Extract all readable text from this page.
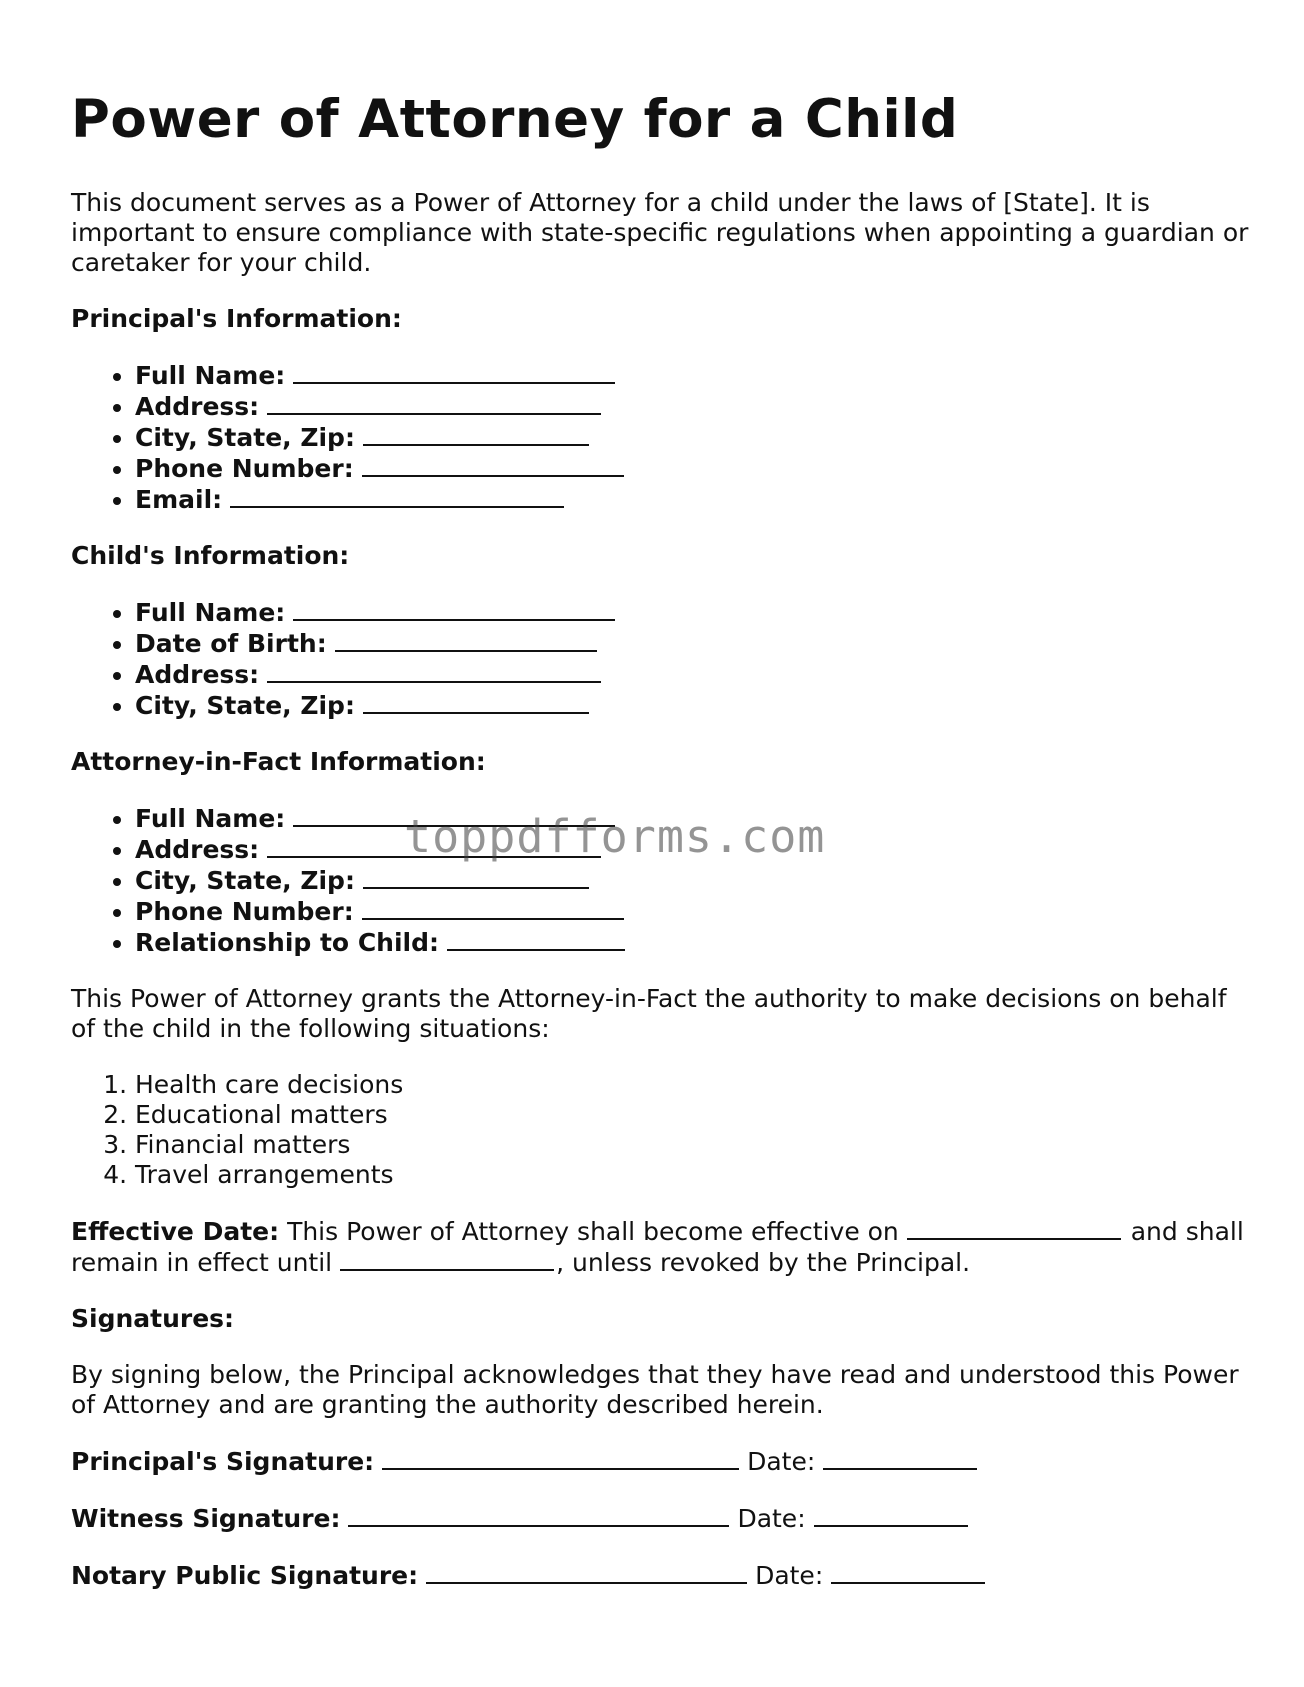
Power of Attorney for a Child

This document serves as a Power of Attorney for a child under the laws of [State]. It is important to ensure compliance with state-specific regulations when appointing a guardian or caretaker for your child.

Principal's Information:

• Full Name:
• Address:
• City, State, Zip:
• Phone Number:
• Email:

Child's Information:

• Full Name:
• Date of Birth:
• Address:
• City, State, Zip:

Attorney-in-Fact Information:

• Full Name:
• Address:
• City, State, Zip:
• Phone Number:
• Relationship to Child:

This Power of Attorney grants the Attorney-in-Fact the authority to make decisions on behalf of the child in the following situations:

1. Health care decisions
2. Educational matters
3. Financial matters
4. Travel arrangements

Effective Date: This Power of Attorney shall become effective on	and shall remain in effect until	, unless revoked by the Principal.

Signatures:

By signing below, the Principal acknowledges that they have read and understood this Power of Attorney and are granting the authority described herein.

Principal's Signature:	Date:
Witness Signature:	Date:
Notary Public Signature:	Date:
toppdfforms.com
